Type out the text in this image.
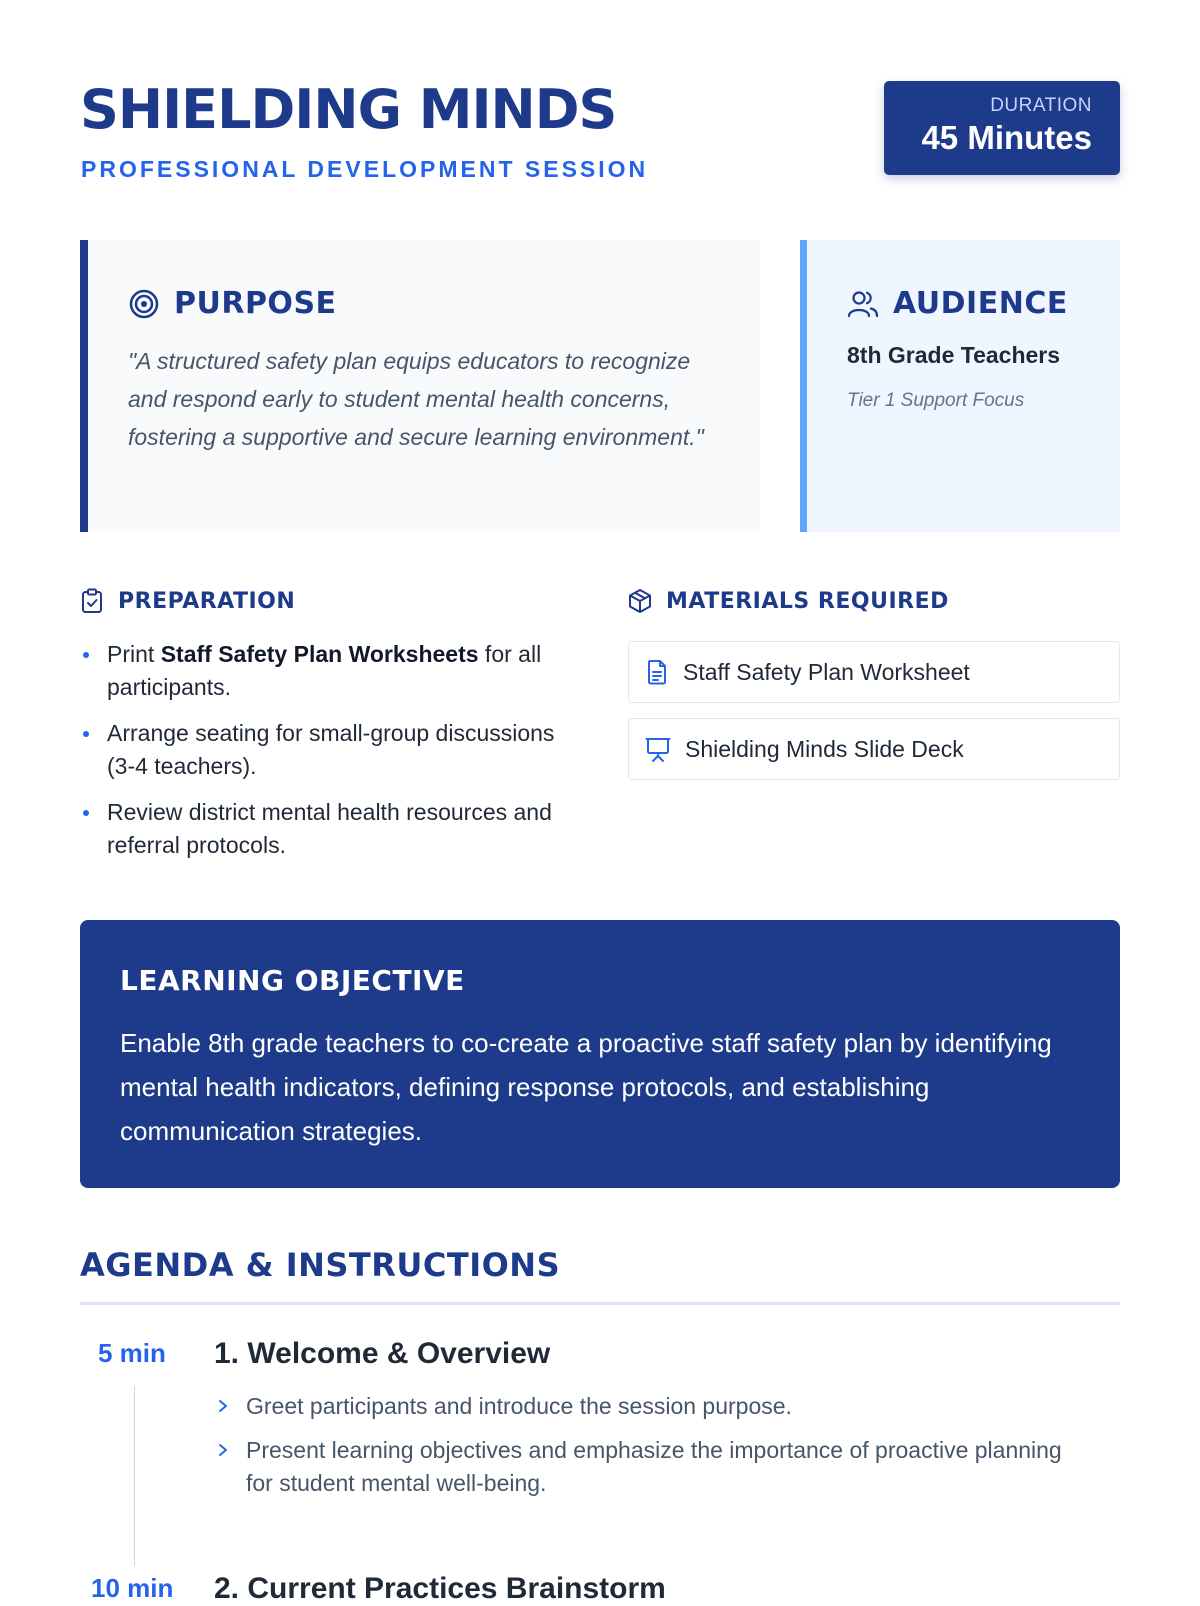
SHIELDING MINDS
PROFESSIONAL DEVELOPMENT SESSION
DURATION
45 Minutes
PURPOSE
"A structured safety plan equips educators to recognize and respond early to student mental health concerns, fostering a supportive and secure learning environment."
AUDIENCE
8th Grade Teachers
Tier 1 Support Focus
PREPARATION
Print Staff Safety Plan Worksheets for all participants.
Arrange seating for small-group discussions (3-4 teachers).
Review district mental health resources and referral protocols.
MATERIALS REQUIRED
Staff Safety Plan Worksheet
Shielding Minds Slide Deck
LEARNING OBJECTIVE
Enable 8th grade teachers to co-create a proactive staff safety plan by identifying mental health indicators, defining response protocols, and establishing communication strategies.
AGENDA & INSTRUCTIONS
5 min 1. Welcome & Overview
Greet participants and introduce the session purpose.
Present learning objectives and emphasize the importance of proactive planning for student mental well-being.
10 min 2. Current Practices Brainstorm
